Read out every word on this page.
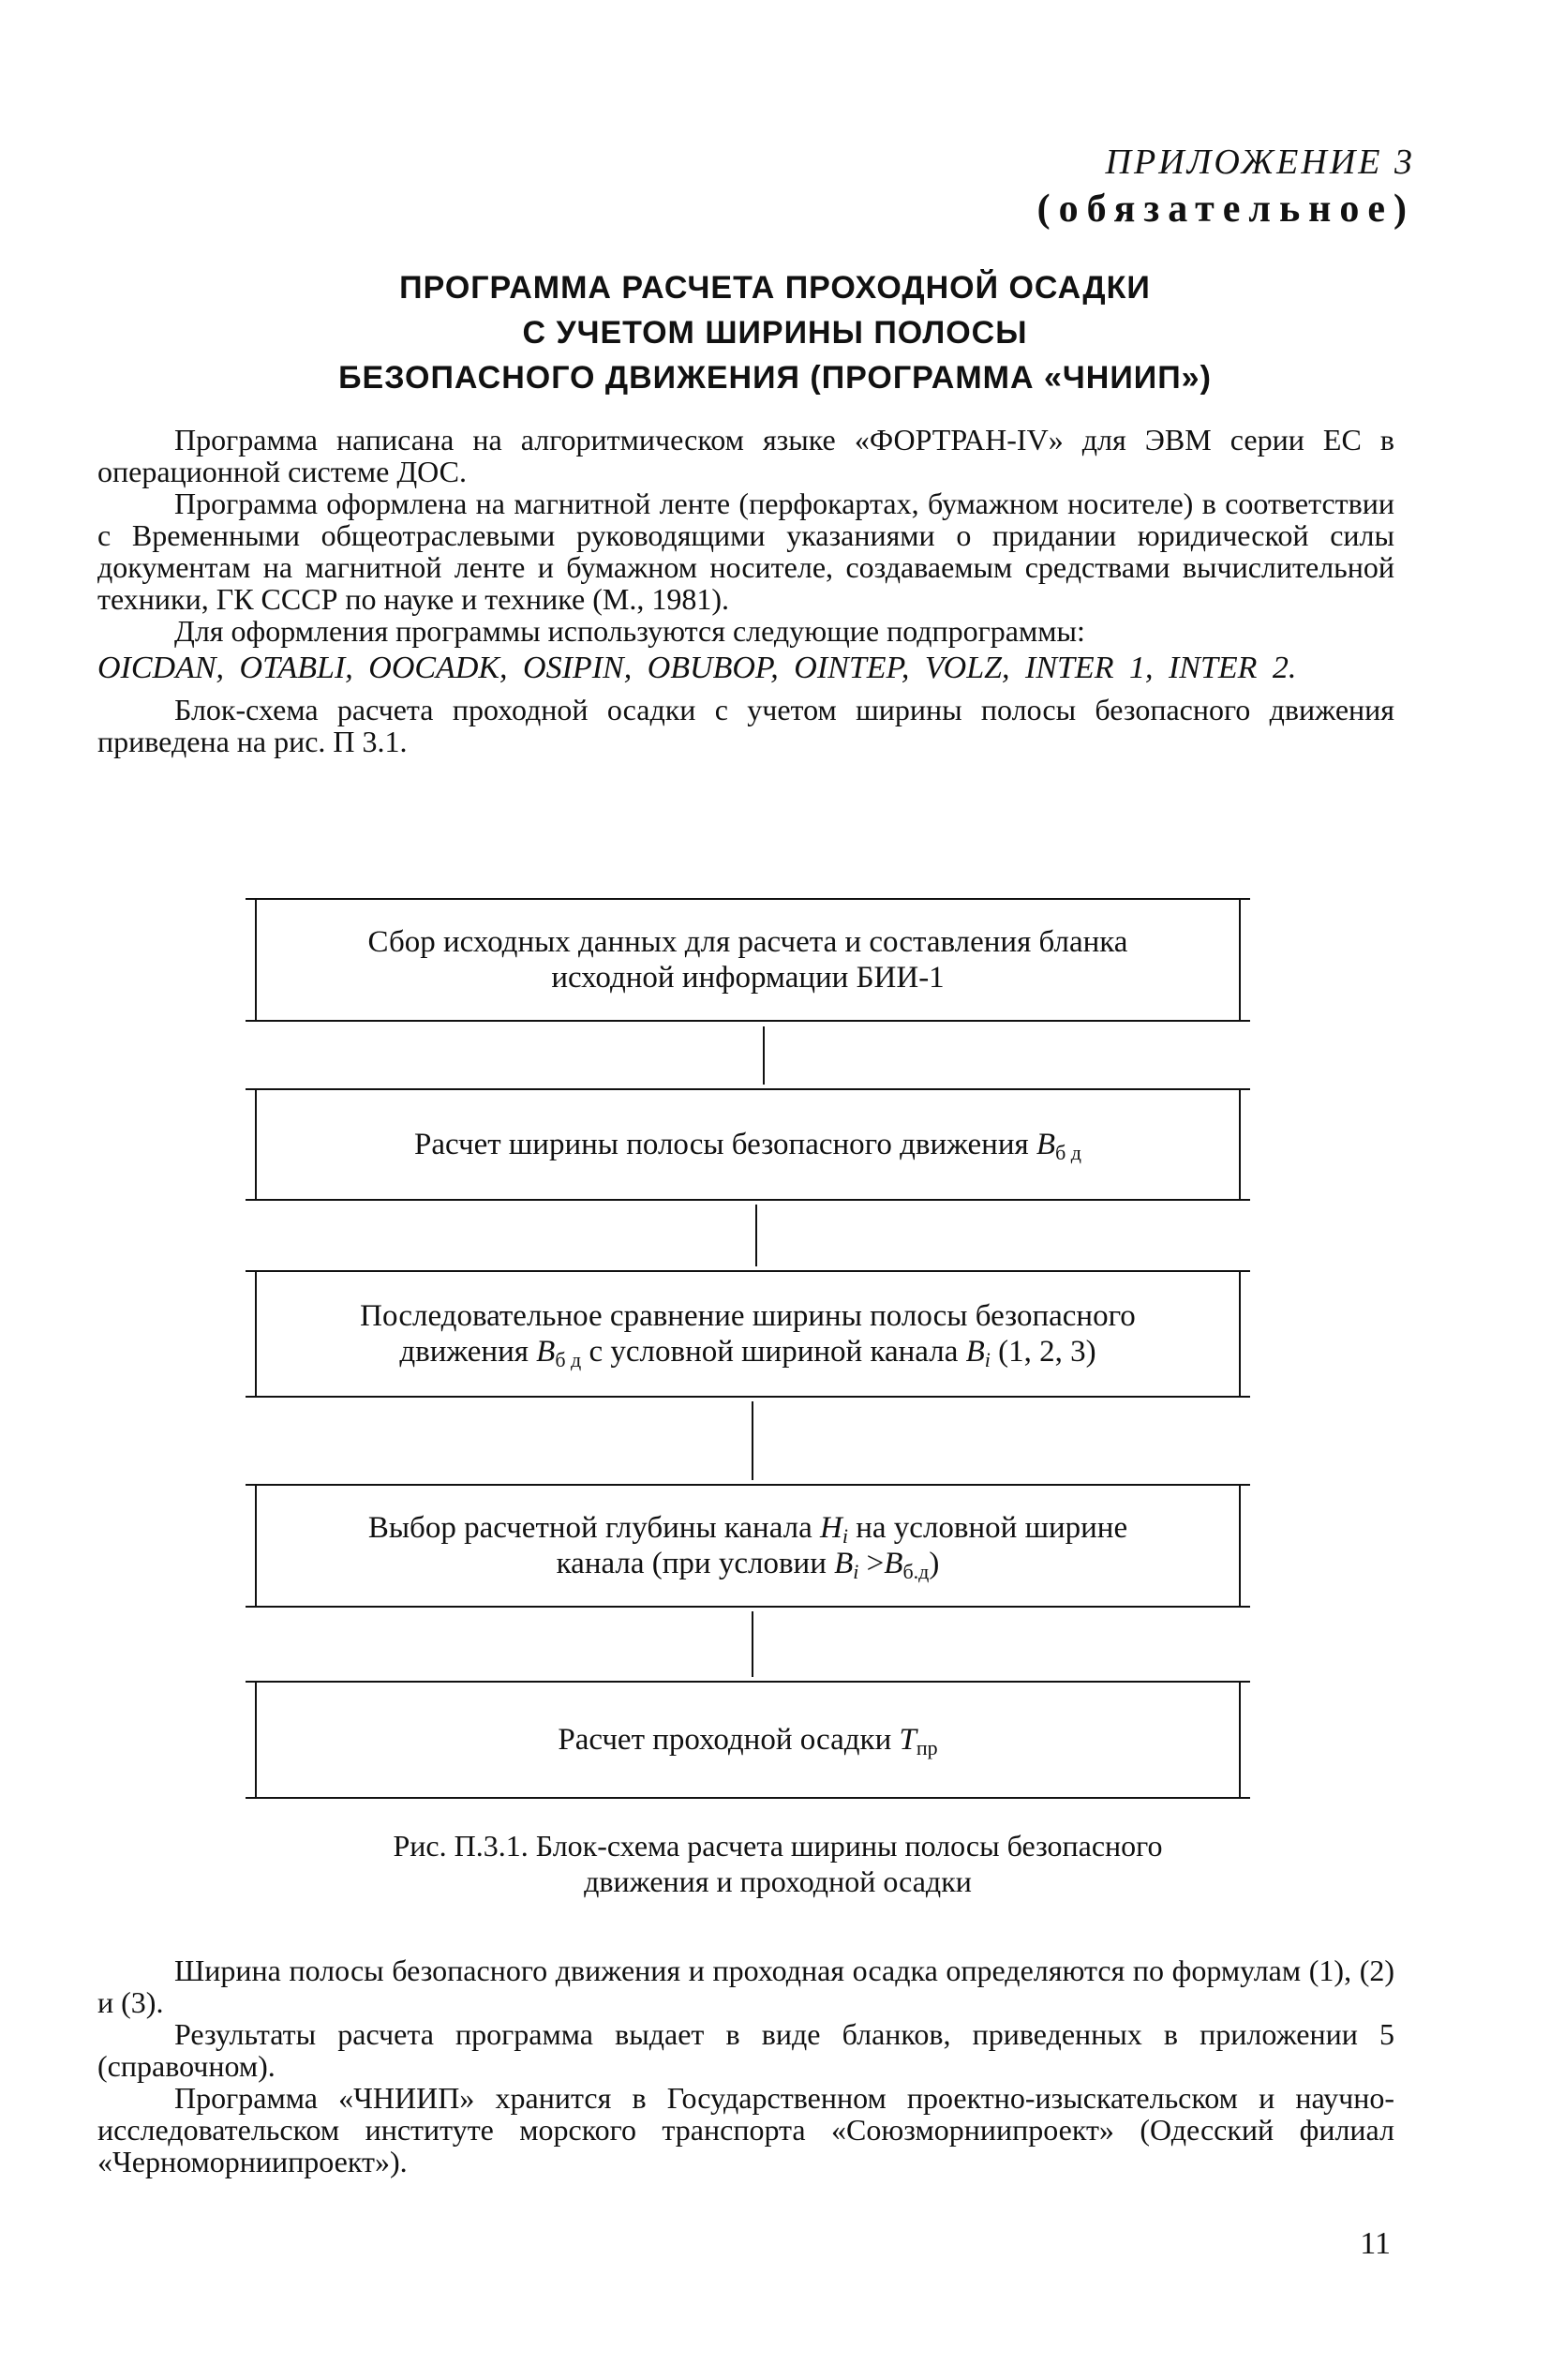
ПРИЛОЖЕНИЕ 3
(обязательное)
ПРОГРАММА РАСЧЕТА ПРОХОДНОЙ ОСАДКИ
С УЧЕТОМ ШИРИНЫ ПОЛОСЫ
БЕЗОПАСНОГО ДВИЖЕНИЯ (ПРОГРАММА «ЧНИИП»)

Программа написана на алгоритмическом языке «ФОРТРАН-IV» для ЭВМ серии ЕС в операционной системе ДОС.

Программа оформлена на магнитной ленте (перфокартах, бумажном носителе) в соответствии с Временными общеотраслевыми руководящими указаниями о придании юридической силы документам на магнитной ленте и бумажном носителе, создаваемым средствами вычислительной техники, ГК СССР по науке и технике (М., 1981).

Для оформления программы используются следующие подпрограммы:

ОICDAN, ОTABLI, ОOCADK, ОSIPIN, ОBUBOP, ОINTEP, VOLZ, INTER 1, INTER 2.

Блок-схема расчета проходной осадки с учетом ширины полосы безопасного движения приведена на рис. П 3.1.

Сбор исходных данных для расчета и составления бланка
исходной информации БИИ-1
Расчет ширины полосы безопасного движения $B_{б д}$
Последовательное сравнение ширины полосы безопасного
движения $B_{б д}$ с условной шириной канала $B_i$ (1, 2, 3)
Выбор расчетной глубины канала $H_i$ на условной ширине
канала (при условии $B_i >B_{б.д}$)
Расчет проходной осадки $T_{пр}$
Рис. П.3.1. Блок-схема расчета ширины полосы безопасного
движения и проходной осадки

Ширина полосы безопасного движения и проходная осадка определяются по формулам (1), (2) и (3).

Результаты расчета программа выдает в виде бланков, приведенных в приложении 5 (справочном).

Программа «ЧНИИП» хранится в Государственном проектно-изыскательском и научно-исследовательском институте морского транспорта «Союзморниипроект» (Одесский филиал «Черноморниипроект»).

11
